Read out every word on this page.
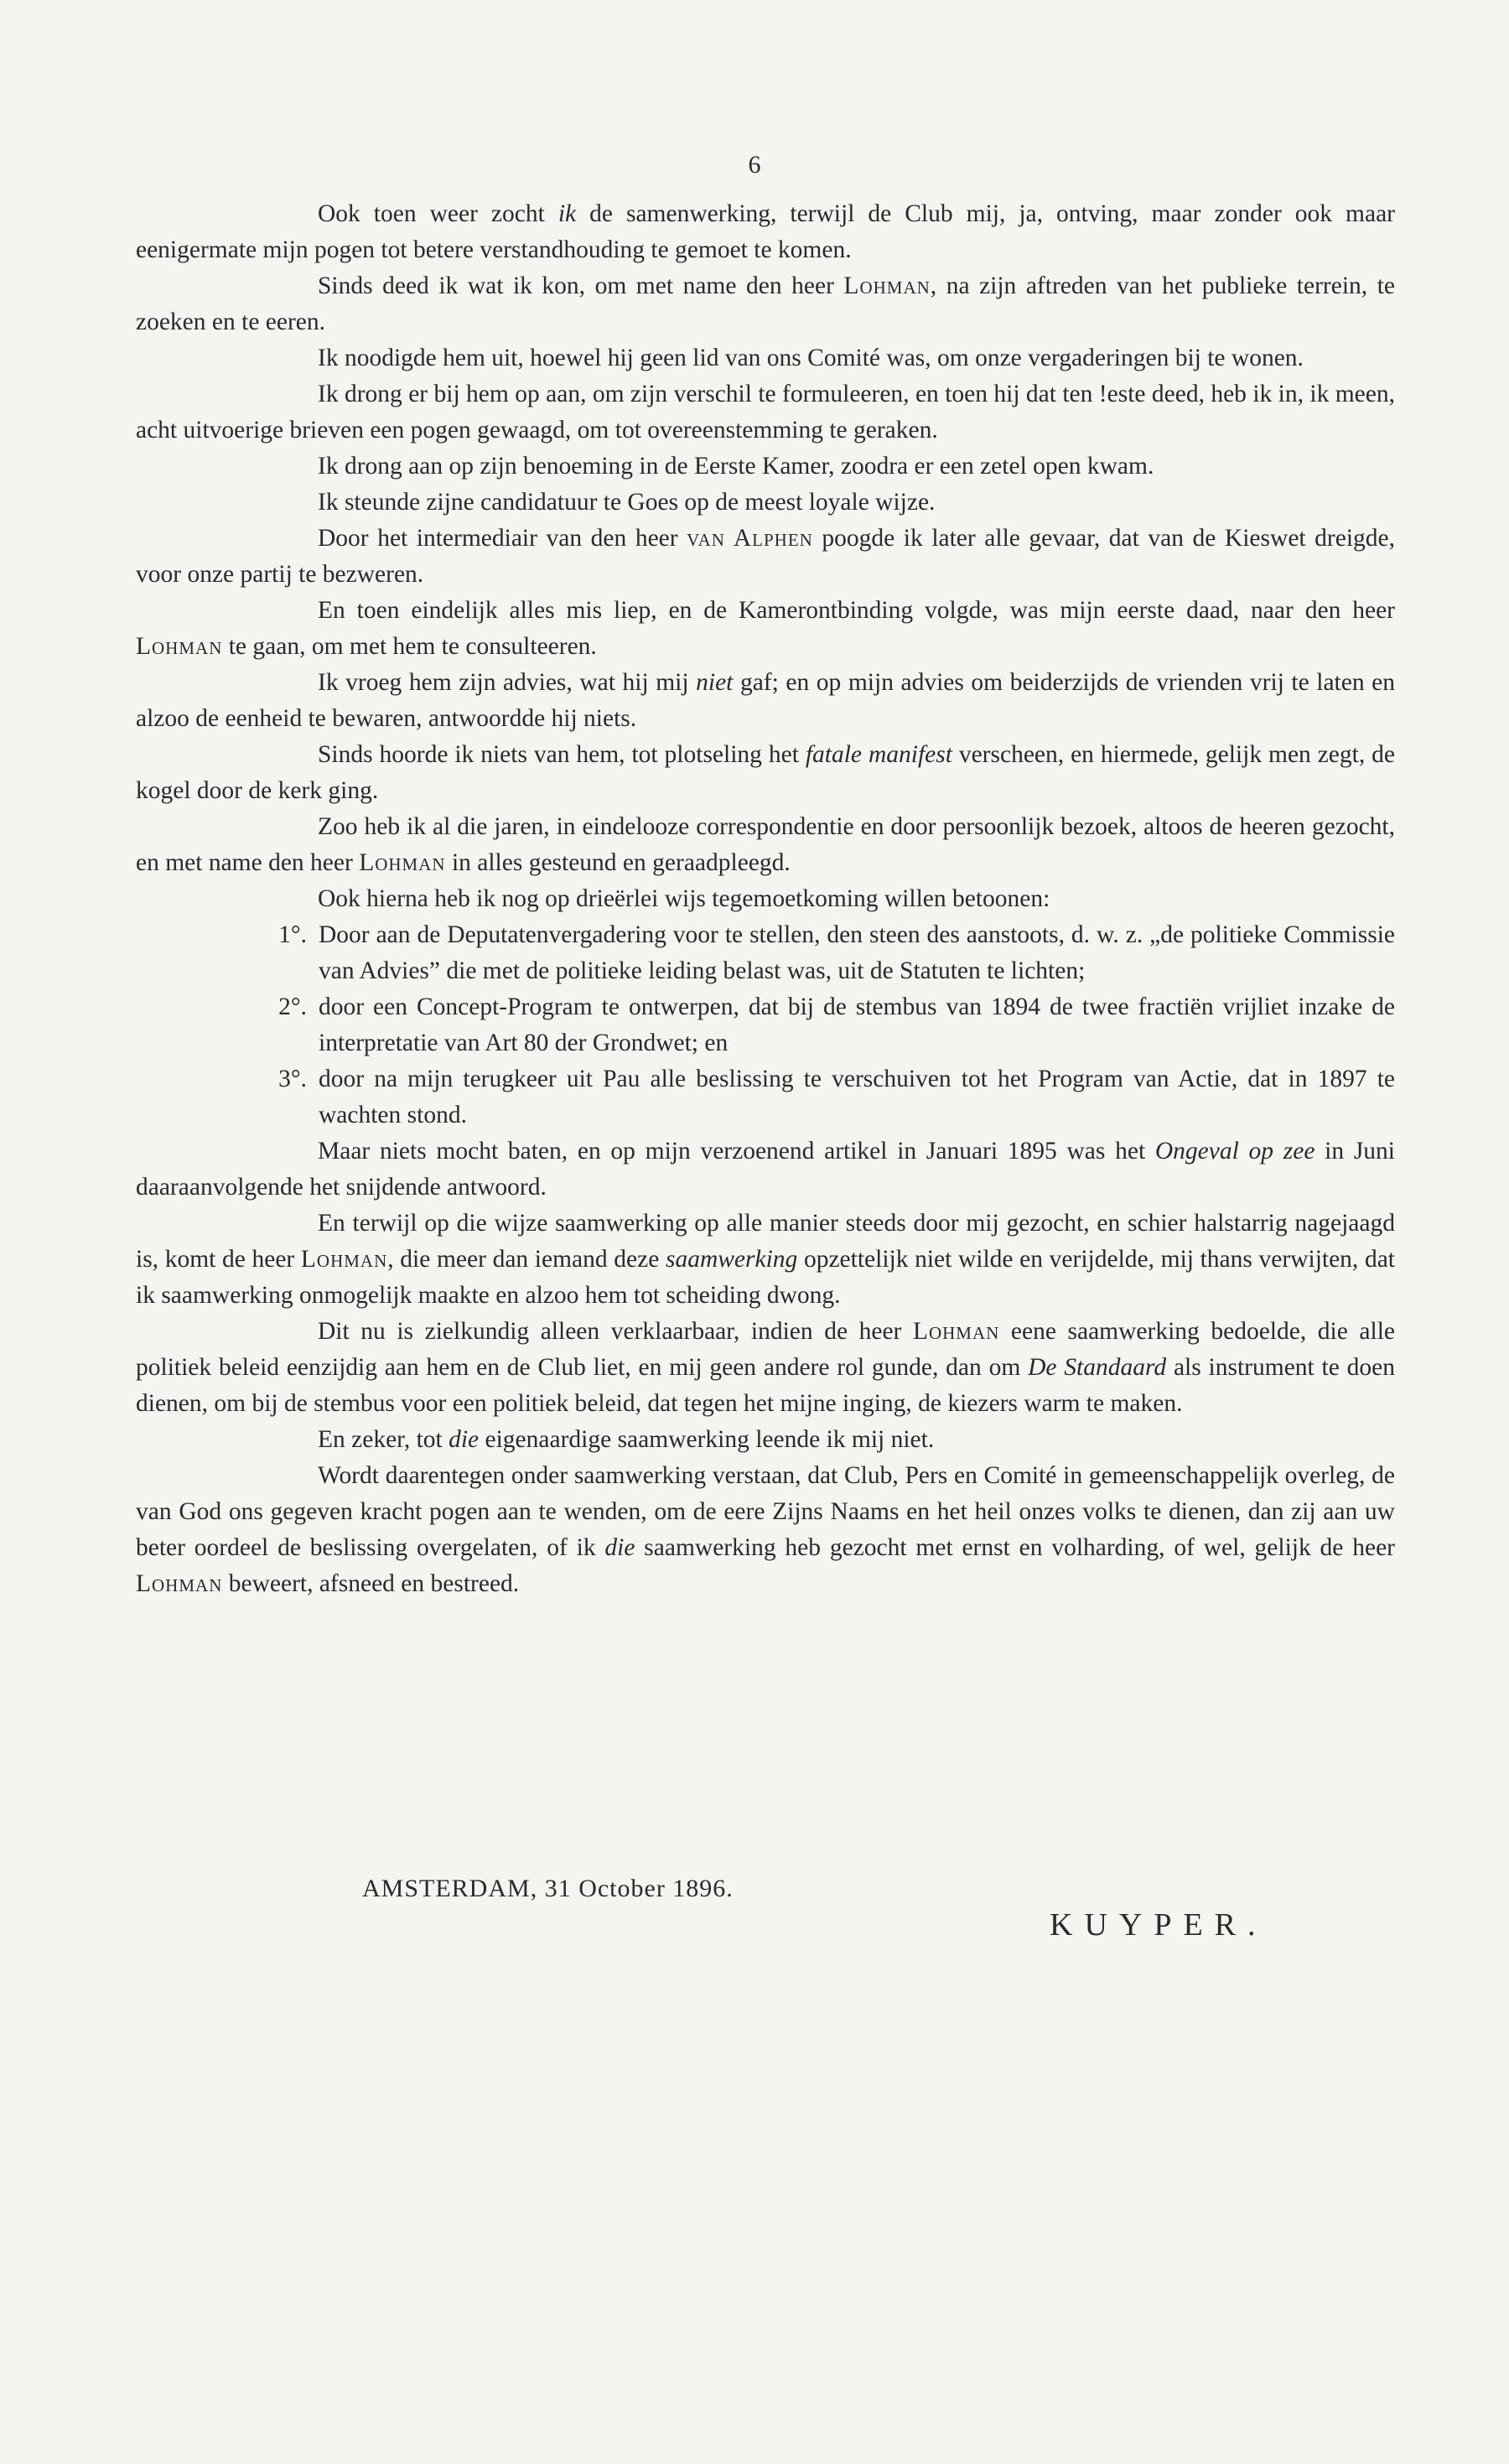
6

Ook toen weer zocht ik de samenwerking, terwijl de Club mij, ja, ontving, maar zonder ook maar eenigermate mijn pogen tot betere verstandhouding te gemoet te komen.

Sinds deed ik wat ik kon, om met name den heer Lohman, na zijn aftreden van het publieke terrein, te zoeken en te eeren.

Ik noodigde hem uit, hoewel hij geen lid van ons Comité was, om onze vergaderingen bij te wonen.

Ik drong er bij hem op aan, om zijn verschil te formuleeren, en toen hij dat ten !este deed, heb ik in, ik meen, acht uitvoerige brieven een pogen gewaagd, om tot overeenstemming te geraken.

Ik drong aan op zijn benoeming in de Eerste Kamer, zoodra er een zetel open kwam.

Ik steunde zijne candidatuur te Goes op de meest loyale wijze.

Door het intermediair van den heer van Alphen poogde ik later alle gevaar, dat van de Kieswet dreigde, voor onze partij te bezweren.

En toen eindelijk alles mis liep, en de Kamerontbinding volgde, was mijn eerste daad, naar den heer Lohman te gaan, om met hem te consulteeren.

Ik vroeg hem zijn advies, wat hij mij niet gaf; en op mijn advies om beiderzijds de vrienden vrij te laten en alzoo de eenheid te bewaren, antwoordde hij niets.

Sinds hoorde ik niets van hem, tot plotseling het fatale manifest verscheen, en hiermede, gelijk men zegt, de kogel door de kerk ging.

Zoo heb ik al die jaren, in eindelooze correspondentie en door persoonlijk bezoek, altoos de heeren gezocht, en met name den heer Lohman in alles gesteund en geraadpleegd.

Ook hierna heb ik nog op drieërlei wijs tegemoetkoming willen betoonen:

1°. Door aan de Deputatenvergadering voor te stellen, den steen des aanstoots, d. w. z. „de politieke Commissie van Advies” die met de politieke leiding belast was, uit de Statuten te lichten;
2°. door een Concept-Program te ontwerpen, dat bij de stembus van 1894 de twee fractiën vrijliet inzake de interpretatie van Art 80 der Grondwet; en
3°. door na mijn terugkeer uit Pau alle beslissing te verschuiven tot het Program van Actie, dat in 1897 te wachten stond.

Maar niets mocht baten, en op mijn verzoenend artikel in Januari 1895 was het Ongeval op zee in Juni daaraanvolgende het snijdende antwoord.

En terwijl op die wijze saamwerking op alle manier steeds door mij gezocht, en schier halstarrig nagejaagd is, komt de heer Lohman, die meer dan iemand deze saamwerking opzettelijk niet wilde en verijdelde, mij thans verwijten, dat ik saamwerking onmogelijk maakte en alzoo hem tot scheiding dwong.

Dit nu is zielkundig alleen verklaarbaar, indien de heer Lohman eene saamwerking bedoelde, die alle politiek beleid eenzijdig aan hem en de Club liet, en mij geen andere rol gunde, dan om De Standaard als instrument te doen dienen, om bij de stembus voor een politiek beleid, dat tegen het mijne inging, de kiezers warm te maken.

En zeker, tot die eigenaardige saamwerking leende ik mij niet.

Wordt daarentegen onder saamwerking verstaan, dat Club, Pers en Comité in gemeenschappelijk overleg, de van God ons gegeven kracht pogen aan te wenden, om de eere Zijns Naams en het heil onzes volks te dienen, dan zij aan uw beter oordeel de beslissing overgelaten, of ik die saamwerking heb gezocht met ernst en volharding, of wel, gelijk de heer Lohman beweert, afsneed en bestreed.

AMSTERDAM, 31 October 1896.
KUYPER.
